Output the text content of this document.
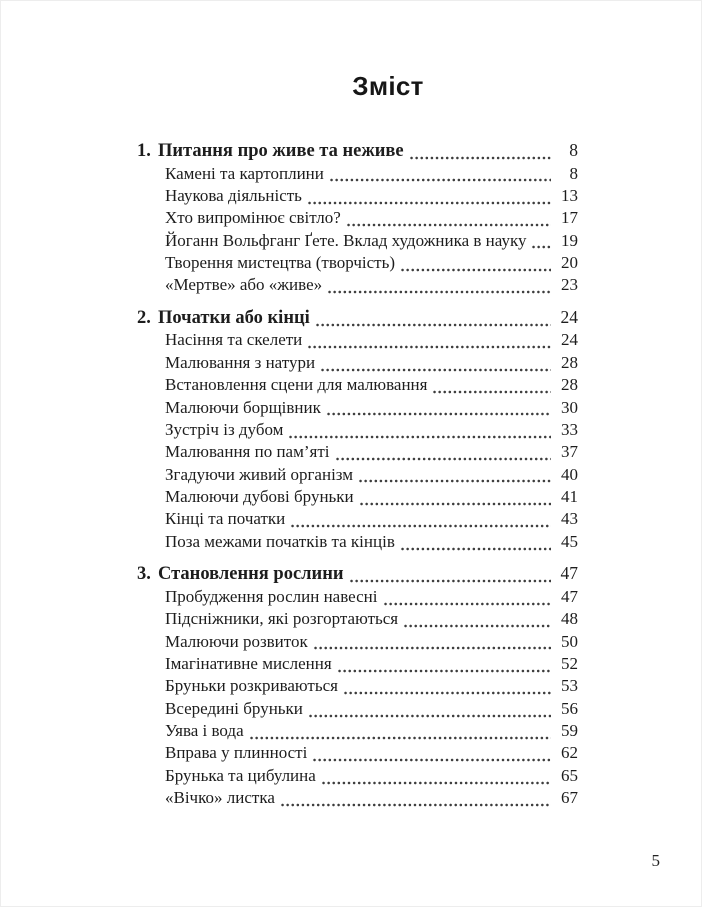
Зміст
1. Питання про живе та неживе	8
Камені та картоплини	8
Наукова діяльність	13
Хто випромінює світло?	17
Йоганн Вольфганг Ґете. Вклад художника в науку	19
Творення мистецтва (творчість)	20
«Мертве» або «живе»	23
2. Початки або кінці	24
Насіння та скелети	24
Малювання з натури	28
Встановлення сцени для малювання	28
Малюючи борщівник	30
Зустріч із дубом	33
Малювання по пам’яті	37
Згадуючи живий організм	40
Малюючи дубові бруньки	41
Кінці та початки	43
Поза межами початків та кінців	45
3. Становлення рослини	47
Пробудження рослин навесні	47
Підсніжники, які розгортаються	48
Малюючи розвиток	50
Імагінативне мислення	52
Бруньки розкриваються	53
Всередині бруньки	56
Уява і вода	59
Вправа у плинності	62
Брунька та цибулина	65
«Вічко» листка	67
5
